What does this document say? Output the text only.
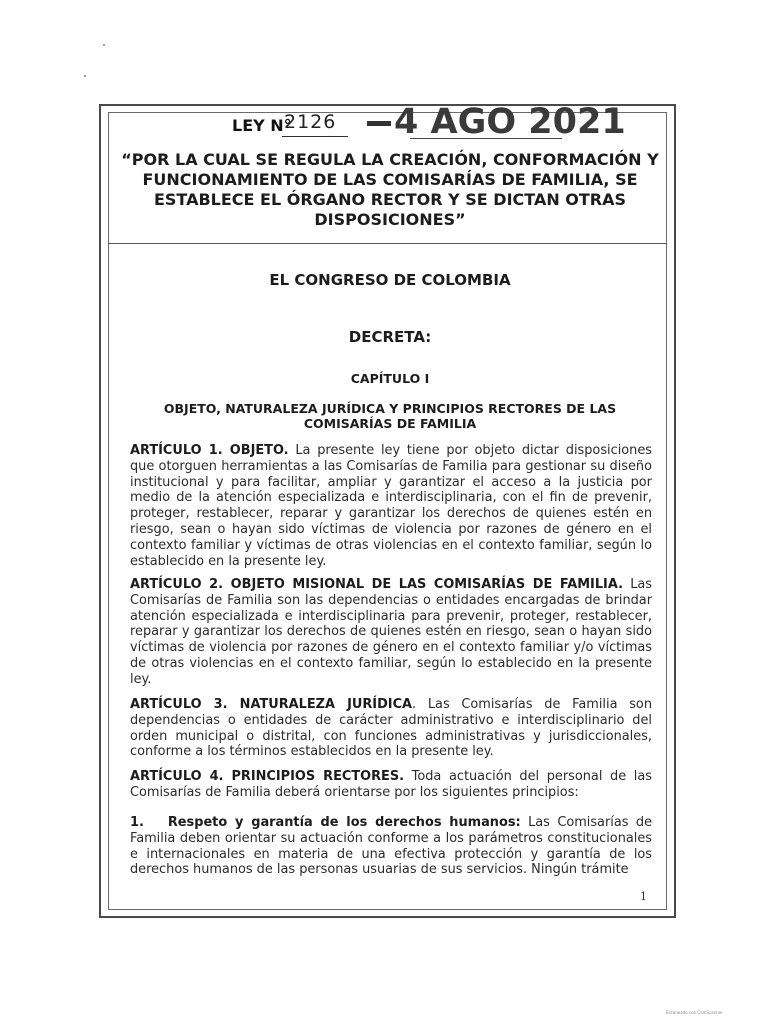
LEY N°
2126 4 AGO 2021
“POR LA CUAL SE REGULA LA CREACIÓN, CONFORMACIÓN Y FUNCIONAMIENTO DE LAS COMISARÍAS DE FAMILIA, SE ESTABLECE EL ÓRGANO RECTOR Y SE DICTAN OTRAS DISPOSICIONES”
EL CONGRESO DE COLOMBIA
DECRETA:
CAPÍTULO I
OBJETO, NATURALEZA JURÍDICA Y PRINCIPIOS RECTORES DE LAS COMISARÍAS DE FAMILIA

ARTÍCULO 1. OBJETO. La presente ley tiene por objeto dictar disposiciones que otorguen herramientas a las Comisarías de Familia para gestionar su diseño institucional y para facilitar, ampliar y garantizar el acceso a la justicia por medio de la atención especializada e interdisciplinaria, con el fin de prevenir, proteger, restablecer, reparar y garantizar los derechos de quienes estén en riesgo, sean o hayan sido víctimas de violencia por razones de género en el contexto familiar y víctimas de otras violencias en el contexto familiar, según lo establecido en la presente ley.

ARTÍCULO 2. OBJETO MISIONAL DE LAS COMISARÍAS DE FAMILIA. Las Comisarías de Familia son las dependencias o entidades encargadas de brindar atención especializada e interdisciplinaria para prevenir, proteger, restablecer, reparar y garantizar los derechos de quienes estén en riesgo, sean o hayan sido víctimas de violencia por razones de género en el contexto familiar y/o víctimas de otras violencias en el contexto familiar, según lo establecido en la presente ley.

ARTÍCULO 3. NATURALEZA JURÍDICA. Las Comisarías de Familia son dependencias o entidades de carácter administrativo e interdisciplinario del orden municipal o distrital, con funciones administrativas y jurisdiccionales, conforme a los términos establecidos en la presente ley.

ARTÍCULO 4. PRINCIPIOS RECTORES. Toda actuación del personal de las Comisarías de Familia deberá orientarse por los siguientes principios:

1. Respeto y garantía de los derechos humanos: Las Comisarías de Familia deben orientar su actuación conforme a los parámetros constitucionales e internacionales en materia de una efectiva protección y garantía de los derechos humanos de las personas usuarias de sus servicios. Ningún trámite

1
Escaneado con CamScanner
